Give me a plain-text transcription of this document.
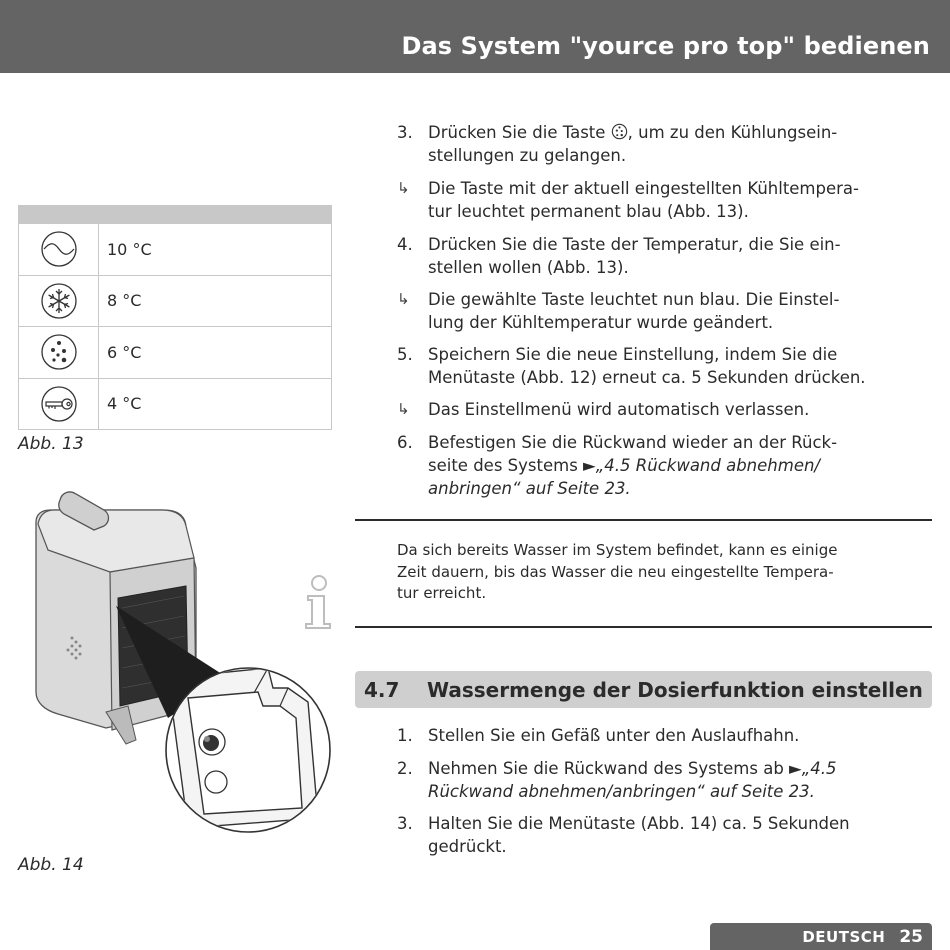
Das System "yource pro top" bedienen
10 °C
8 °C
6 °C
4 °C
Abb. 13
Abb. 14
3. Drücken Sie die Taste , um zu den Kühlungsein-
stellungen zu gelangen.
↳	Die Taste mit der aktuell eingestellten Kühltempera-
tur leuchtet permanent blau (Abb. 13).
4. Drücken Sie die Taste der Temperatur, die Sie ein-
stellen wollen (Abb. 13).
↳	Die gewählte Taste leuchtet nun blau. Die Einstel-
lung der Kühltemperatur wurde geändert.
5. Speichern Sie die neue Einstellung, indem Sie die
Menütaste (Abb. 12) erneut ca. 5 Sekunden drücken.
↳	Das Einstellmenü wird automatisch verlassen.
6. Befestigen Sie die Rückwand wieder an der Rück-
seite des Systems ►„4.5 Rückwand abnehmen/
anbringen“ auf Seite 23.
Da sich bereits Wasser im System befindet, kann es einige
Zeit dauern, bis das Wasser die neu eingestellte Tempera-
tur erreicht.
4.7	Wassermenge der Dosierfunktion einstellen
1. Stellen Sie ein Gefäß unter den Auslaufhahn.
2. Nehmen Sie die Rückwand des Systems ab ►„4.5
Rückwand abnehmen/anbringen“ auf Seite 23.
3. Halten Sie die Menütaste (Abb. 14) ca. 5 Sekunden
gedrückt.
DEUTSCH 25
